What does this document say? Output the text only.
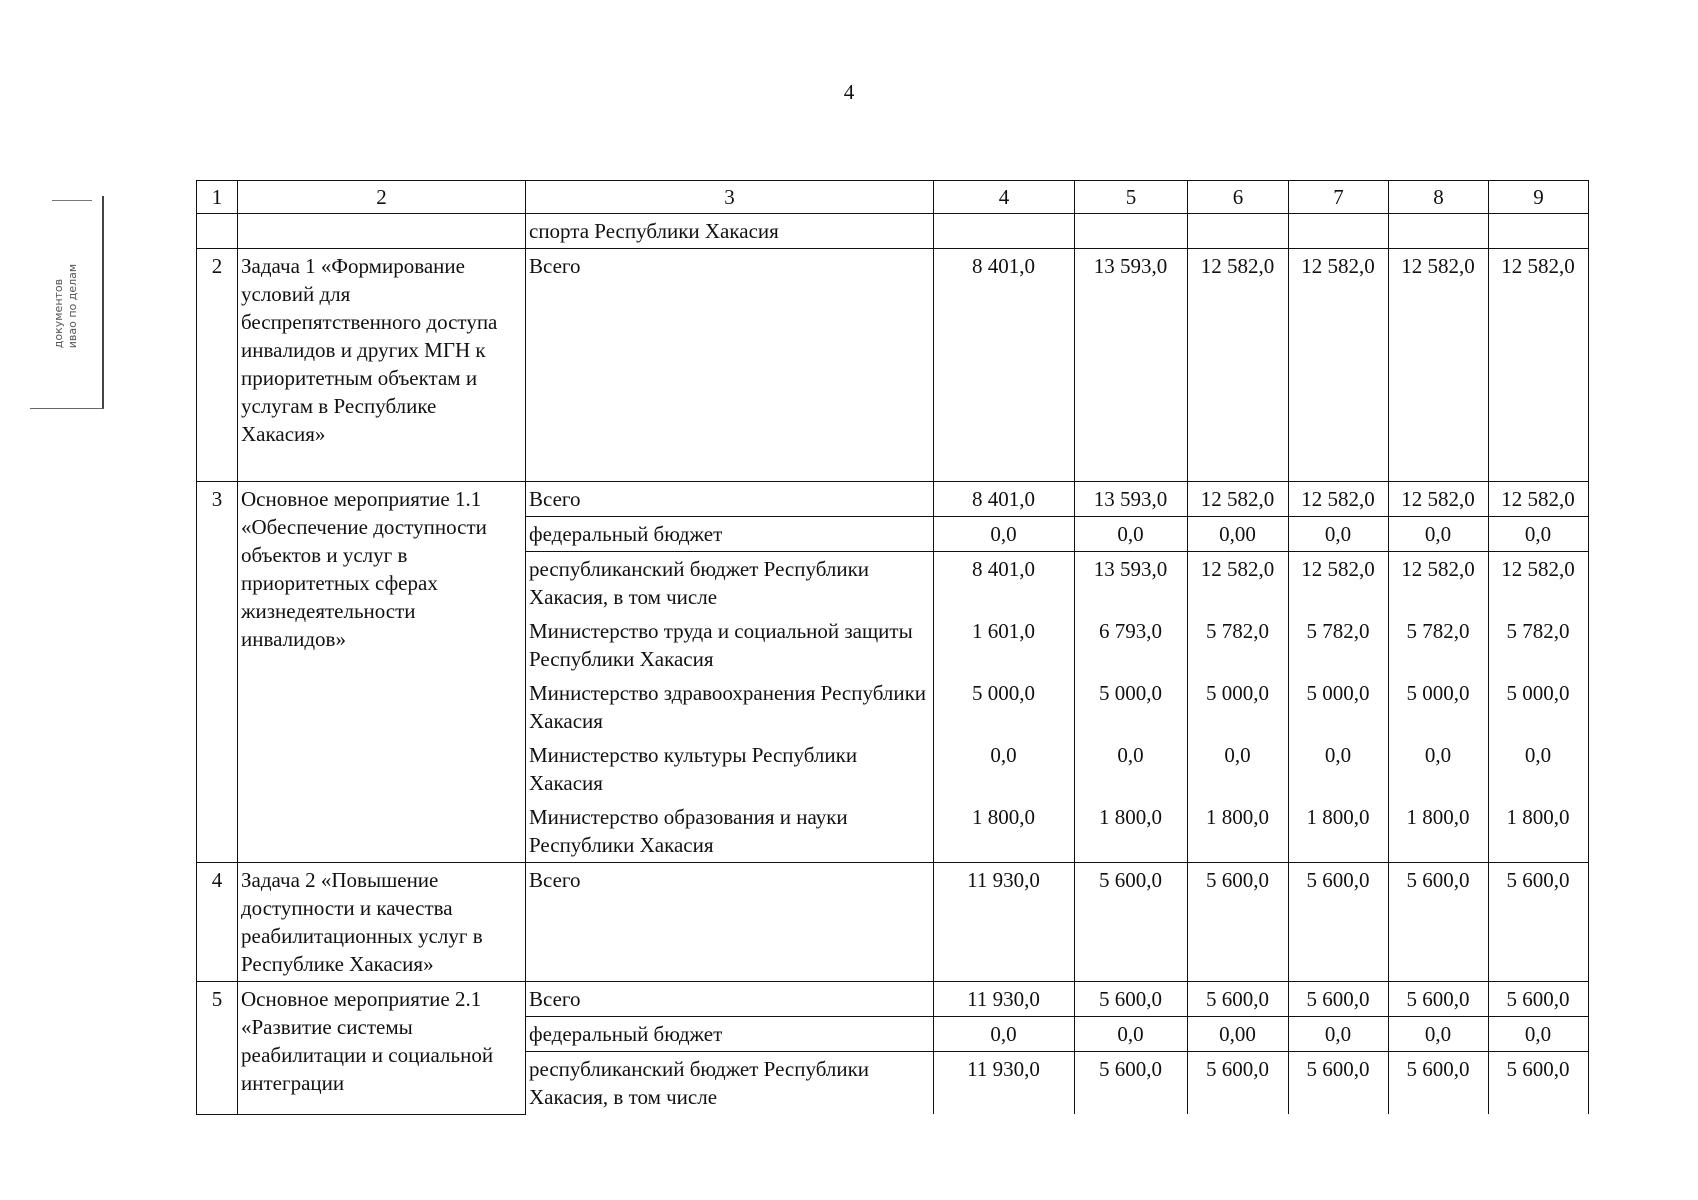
4
документов
ивао по делам
1	2	3	4	5	6	7	8	9
		спорта Республики Хакасия						
2	Задача 1 «Формирование условий для беспрепятственного доступа инвалидов и других МГН к приоритетным объектам и услугам в Республике Хакасия»	Всего	8 401,0	13 593,0	12 582,0	12 582,0	12 582,0	12 582,0
3	Основное мероприятие 1.1 «Обеспечение доступности объектов и услуг в приоритетных сферах жизнедеятельности инвалидов»	Всего	8 401,0	13 593,0	12 582,0	12 582,0	12 582,0	12 582,0
		федеральный бюджет	0,0	0,0	0,00	0,0	0,0	0,0
		республиканский бюджет Республики Хакасия, в том числе	8 401,0	13 593,0	12 582,0	12 582,0	12 582,0	12 582,0
		Министерство труда и социальной защиты Республики Хакасия	1 601,0	6 793,0	5 782,0	5 782,0	5 782,0	5 782,0
		Министерство здравоохранения Республики Хакасия	5 000,0	5 000,0	5 000,0	5 000,0	5 000,0	5 000,0
		Министерство культуры Республики Хакасия	0,0	0,0	0,0	0,0	0,0	0,0
		Министерство образования и науки Республики Хакасия	1 800,0	1 800,0	1 800,0	1 800,0	1 800,0	1 800,0
4	Задача 2 «Повышение доступности и качества реабилитационных услуг в Республике Хакасия»	Всего	11 930,0	5 600,0	5 600,0	5 600,0	5 600,0	5 600,0
5	Основное мероприятие 2.1 «Развитие системы реабилитации и социальной интеграции	Всего	11 930,0	5 600,0	5 600,0	5 600,0	5 600,0	5 600,0
		федеральный бюджет	0,0	0,0	0,00	0,0	0,0	0,0
		республиканский бюджет Республики Хакасия, в том числе	11 930,0	5 600,0	5 600,0	5 600,0	5 600,0	5 600,0
